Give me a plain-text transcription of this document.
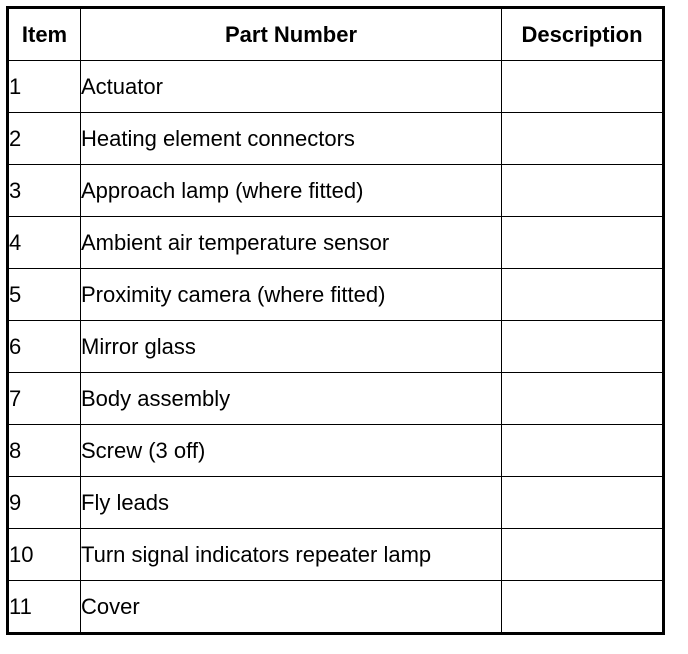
Item	Part Number	Description
1	Actuator	
2	Heating element connectors	
3	Approach lamp (where fitted)	
4	Ambient air temperature sensor	
5	Proximity camera (where fitted)	
6	Mirror glass	
7	Body assembly	
8	Screw (3 off)	
9	Fly leads	
10	Turn signal indicators repeater lamp	
11	Cover	
